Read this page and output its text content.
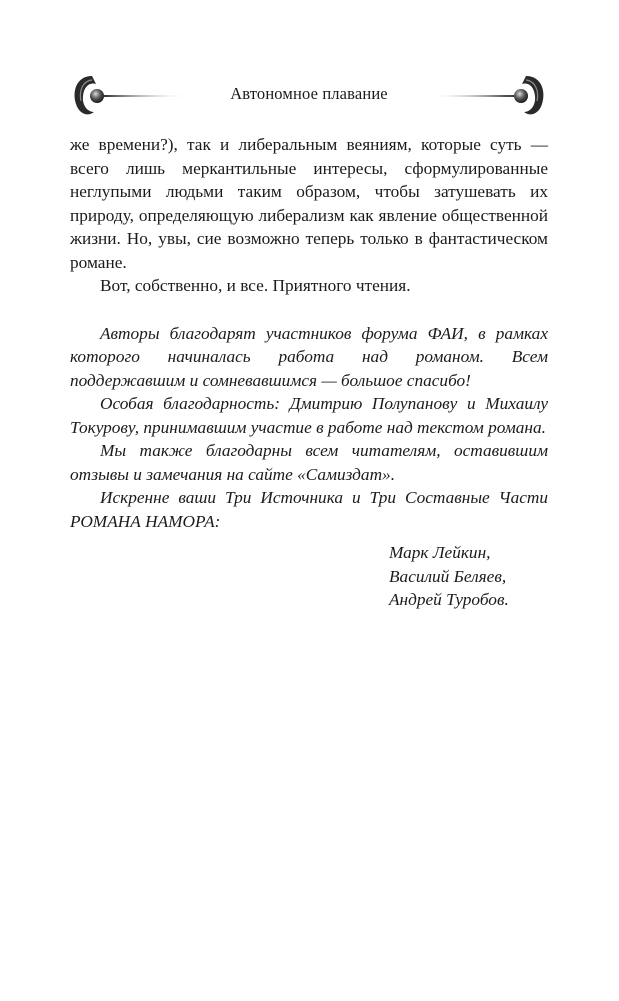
Автономное плавание

же времени?), так и либеральным веяниям, которые суть — всего лишь меркантильные интересы, сформулированные неглупыми людьми таким образом, чтобы затушевать их природу, определяющую либерализм как явление общественной жизни. Но, увы, сие возможно теперь только в фантастическом романе.

Вот, собственно, и все. Приятного чтения.

Авторы благодарят участников форума ФАИ, в рамках которого начиналась работа над романом. Всем поддержавшим и сомневавшимся — большое спасибо!

Особая благодарность: Дмитрию Полупанову и Михаилу Токурову, принимавшим участие в работе над текстом романа.

Мы также благодарны всем читателям, оставившим отзывы и замечания на сайте «Самиздат».

Искренне ваши Три Источника и Три Составные Части РОМАНА НАМОРА:

Марк Лейкин,
Василий Беляев,
Андрей Туробов.
